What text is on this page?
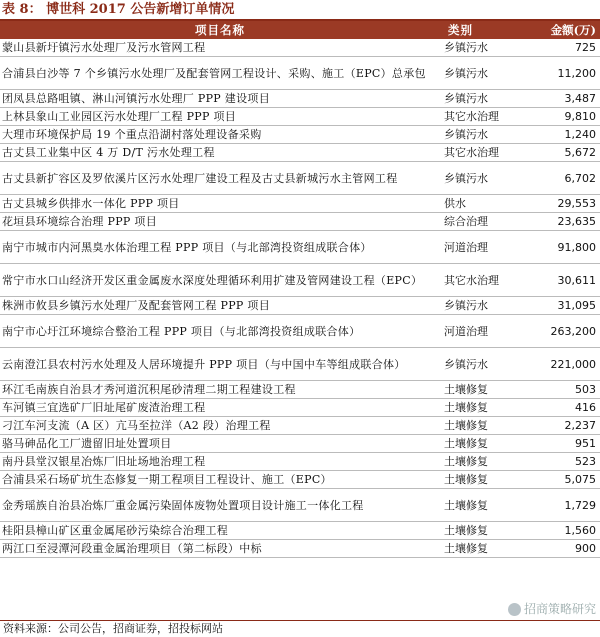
表 8： 博世科 2017 公告新增订单情况
项目名称	类别	金额(万)
蒙山县新圩镇污水处理厂及污水管网工程	乡镇污水	725
合浦县白沙等 7 个乡镇污水处理厂及配套管网工程设计、采购、施工（EPC）总承包	乡镇污水	11,200
团凤县总路咀镇、淋山河镇污水处理厂 PPP 建设项目	乡镇污水	3,487
上林县象山工业园区污水处理厂工程 PPP 项目	其它水治理	9,810
大理市环境保护局 19 个重点沿湖村落处理设备采购	乡镇污水	1,240
古丈县工业集中区 4 万 D/T 污水处理工程	其它水治理	5,672
古丈县新扩容区及罗依溪片区污水处理厂建设工程及古丈县新城污水主管网工程	乡镇污水	6,702
古丈县城乡供排水一体化 PPP 项目	供水	29,553
花垣县环境综合治理 PPP 项目	综合治理	23,635
南宁市城市内河黑臭水体治理工程 PPP 项目（与北部湾投资组成联合体）	河道治理	91,800
常宁市水口山经济开发区重金属废水深度处理循环利用扩建及管网建设工程（EPC）	其它水治理	30,611
株洲市攸县乡镇污水处理厂及配套管网工程 PPP 项目	乡镇污水	31,095
南宁市心圩江环境综合整治工程 PPP 项目（与北部湾投资组成联合体）	河道治理	263,200
云南澄江县农村污水处理及人居环境提升 PPP 项目（与中国中车等组成联合体）	乡镇污水	221,000
环江毛南族自治县才秀河道沉积尾砂清理二期工程建设工程	土壤修复	503
车河镇三宜选矿厂旧址尾矿废渣治理工程	土壤修复	416
刁江车河支流（A 区）亢马至拉洋（A2 段）治理工程	土壤修复	2,237
骆马砷品化工厂遗留旧址处置项目	土壤修复	951
南丹县堂汉银星冶炼厂旧址场地治理工程	土壤修复	523
合浦县采石场矿坑生态修复一期工程项目工程设计、施工（EPC）	土壤修复	5,075
金秀瑶族自治县冶炼厂重金属污染固体废物处置项目设计施工一体化工程	土壤修复	1,729
桂阳县樟山矿区重金属尾砂污染综合治理工程	土壤修复	1,560
两江口至浸潭河段重金属治理项目（第二标段）中标	土壤修复	900
招商策略研究
资料来源：公司公告，招商证券，招投标网站
